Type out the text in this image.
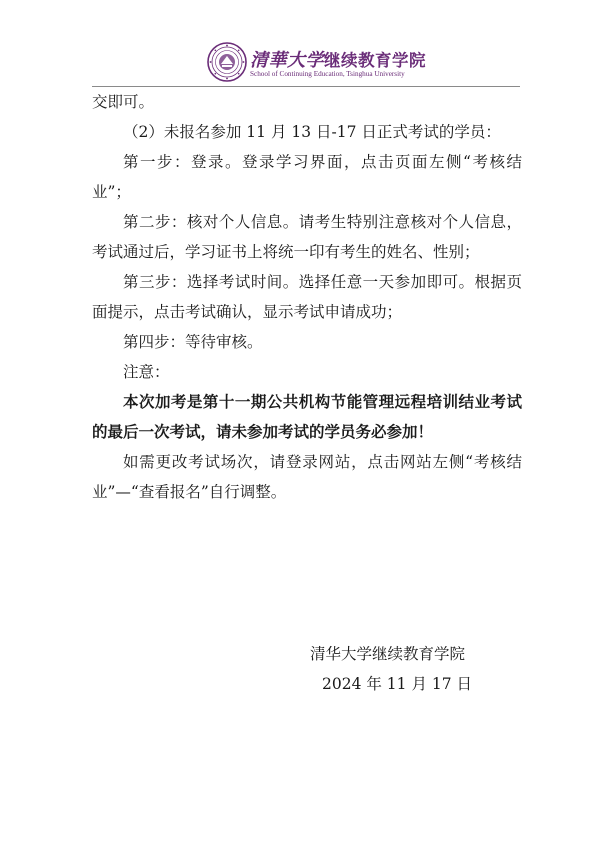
清華大学继续教育学院
School of Continuing Education, Tsinghua University

交即可。

（2）未报名参加 11 月 13 日-17 日正式考试的学员：

第一步：登录。登录学习界面，点击页面左侧“考核结业”；

第二步：核对个人信息。请考生特别注意核对个人信息，考试通过后，学习证书上将统一印有考生的姓名、性别；

第三步：选择考试时间。选择任意一天参加即可。根据页面提示，点击考试确认，显示考试申请成功；

第四步：等待审核。

注意：

本次加考是第十一期公共机构节能管理远程培训结业考试的最后一次考试，请未参加考试的学员务必参加！

如需更改考试场次，请登录网站，点击网站左侧“考核结业”—“查看报名”自行调整。

清华大学继续教育学院
2024 年 11 月 17 日
